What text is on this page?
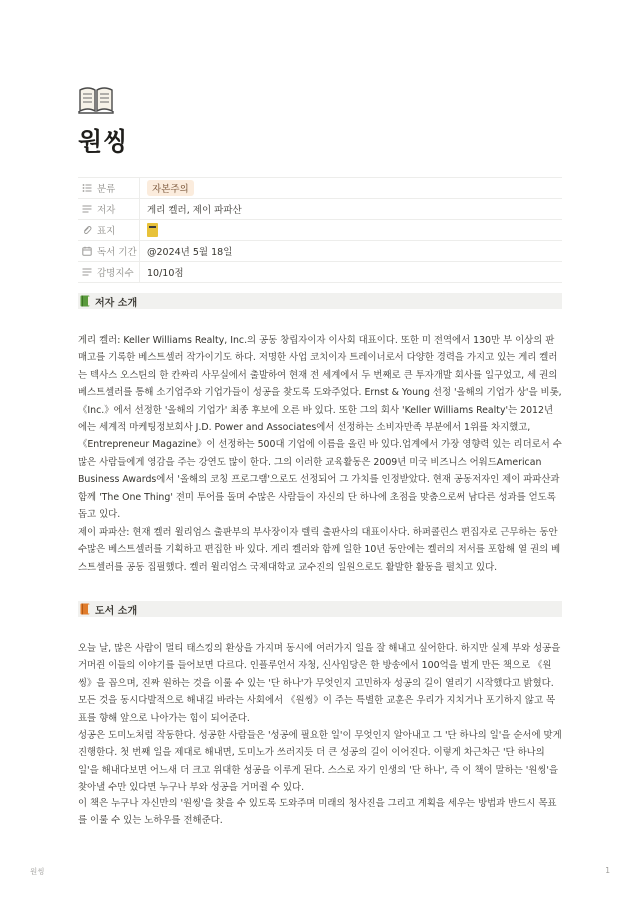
원씽
분류	자본주의
저자	게리 켈러, 제이 파파산
표지
독서 기간	@2024년 5월 18일
감명지수	10/10점
저자 소개
게리 켈러: Keller Williams Realty, Inc.의 공동 창립자이자 이사회 대표이다. 또한 미 전역에서 130만 부 이상의 판매고를 기록한 베스트셀러 작가이기도 하다. 저명한 사업 코치이자 트레이너로서 다양한 경력을 가지고 있는 게리 켈러는 텍사스 오스틴의 한 칸짜리 사무실에서 출발하여 현재 전 세계에서 두 번째로 큰 투자개발 회사를 일구었고, 세 권의 베스트셀러를 통해 소기업주와 기업가들이 성공을 찾도록 도와주었다. Ernst & Young 선정 '올해의 기업가 상'을 비롯, 《Inc.》에서 선정한 '올해의 기업가' 최종 후보에 오른 바 있다. 또한 그의 회사 'Keller Williams Realty'는 2012년에는 세계적 마케팅정보회사 J.D. Power and Associates에서 선정하는 소비자만족 부분에서 1위를 차지했고, 《Entrepreneur Magazine》이 선정하는 500대 기업에 이름을 올린 바 있다.업계에서 가장 영향력 있는 리더로서 수많은 사람들에게 영감을 주는 강연도 많이 한다. 그의 이러한 교육활동은 2009년 미국 비즈니스 어워드American Business Awards에서 '올해의 코칭 프로그램'으로도 선정되어 그 가치를 인정받았다. 현재 공동저자인 제이 파파산과 함께 'The One Thing' 전미 투어를 돌며 수많은 사람들이 자신의 단 하나에 초점을 맞춤으로써 남다른 성과를 얻도록 돕고 있다.
제이 파파산: 현재 켈러 윌리엄스 출판부의 부사장이자 렐릭 출판사의 대표이사다. 하퍼콜린스 편집자로 근무하는 동안 수많은 베스트셀러를 기획하고 편집한 바 있다. 게리 켈러와 함께 일한 10년 동안에는 켈러의 저서를 포함해 열 권의 베스트셀러를 공동 집필했다. 켈러 윌리엄스 국제대학교 교수진의 일원으로도 활발한 활동을 펼치고 있다.
도서 소개
오늘 날, 많은 사람이 멀티 태스킹의 환상을 가지며 동시에 여러가지 일을 잘 해내고 싶어한다. 하지만 실제 부와 성공을 거머쥔 이들의 이야기를 들어보면 다르다. 인플루언서 자청, 신사임당은 한 방송에서 100억을 벌게 만든 책으로 《원씽》을 꼽으며, 진짜 원하는 것을 이룰 수 있는 '단 하나'가 무엇인지 고민하자 성공의 길이 열리기 시작했다고 밝혔다. 모든 것을 동시다발적으로 해내길 바라는 사회에서 《원씽》이 주는 특별한 교훈은 우리가 지치거나 포기하지 않고 목표를 향해 앞으로 나아가는 힘이 되어준다.
성공은 도미노처럼 작동한다. 성공한 사람들은 '성공에 필요한 일'이 무엇인지 알아내고 그 '단 하나의 일'을 순서에 맞게 진행한다. 첫 번째 일을 제대로 해내면, 도미노가 쓰러지듯 더 큰 성공의 길이 이어진다. 이렇게 차근차근 '단 하나의 일'을 해내다보면 어느새 더 크고 위대한 성공을 이루게 된다. 스스로 자기 인생의 '단 하나', 즉 이 책이 말하는 '원씽'을 찾아낼 수만 있다면 누구나 부와 성공을 거머쥘 수 있다.
이 책은 누구나 자신만의 '원씽'을 찾을 수 있도록 도와주며 미래의 청사진을 그리고 계획을 세우는 방법과 반드시 목표를 이룰 수 있는 노하우를 전해준다.
원씽	1
